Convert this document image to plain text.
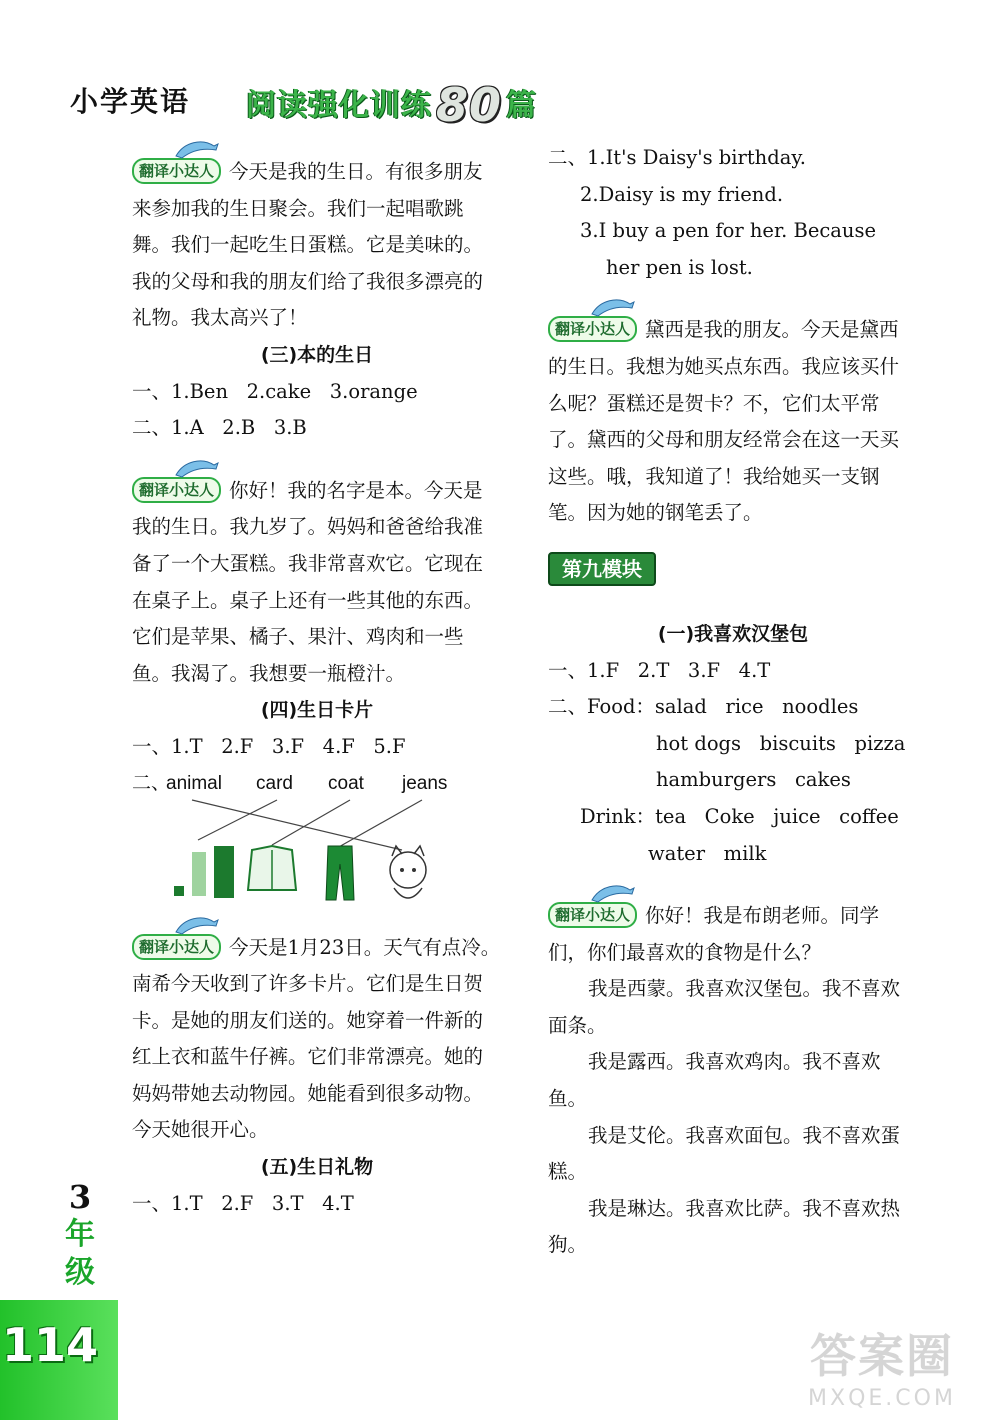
小学英语 阅读强化训练80 篇

翻译小达人 今天是我的生日。有很多朋友来参加我的生日聚会。我们一起唱歌跳舞。我们一起吃生日蛋糕。它是美味的。我的父母和我的朋友们给了我很多漂亮的礼物。我太高兴了！

(三)本的生日

一、1.Ben   2.cake   3.orange

二、1.A   2.B   3.B

翻译小达人 你好！我的名字是本。今天是我的生日。我九岁了。妈妈和爸爸给我准备了一个大蛋糕。我非常喜欢它。它现在在桌子上。桌子上还有一些其他的东西。它们是苹果、橘子、果汁、鸡肉和一些鱼。我渴了。我想要一瓶橙汁。

(四)生日卡片

一、1.T   2.F   3.F   4.F   5.F

二、
animal card coat jeans

翻译小达人 今天是1月23日。天气有点冷。南希今天收到了许多卡片。它们是生日贺卡。是她的朋友们送的。她穿着一件新的红上衣和蓝牛仔裤。它们非常漂亮。她的妈妈带她去动物园。她能看到很多动物。今天她很开心。

(五)生日礼物

一、1.T   2.F   3.T   4.T

二、1.It's Daisy's birthday.

2.Daisy is my friend.

3.I buy a pen for her. Because

her pen is lost.

翻译小达人 黛西是我的朋友。今天是黛西的生日。我想为她买点东西。我应该买什么呢？蛋糕还是贺卡？不，它们太平常了。黛西的父母和朋友经常会在这一天买这些。哦，我知道了！我给她买一支钢笔。因为她的钢笔丢了。

第九模块

(一)我喜欢汉堡包

一、1.F   2.T   3.F   4.T

二、Food：salad   rice   noodles

hot dogs   biscuits   pizza

hamburgers   cakes

Drink：tea   Coke   juice   coffee

water   milk

翻译小达人 你好！我是布朗老师。同学们，你们最喜欢的食物是什么？

我是西蒙。我喜欢汉堡包。我不喜欢面条。

我是露西。我喜欢鸡肉。我不喜欢鱼。

我是艾伦。我喜欢面包。我不喜欢蛋糕。

我是琳达。我喜欢比萨。我不喜欢热狗。

3
年
级
114	答案圈
MXQE.COM
